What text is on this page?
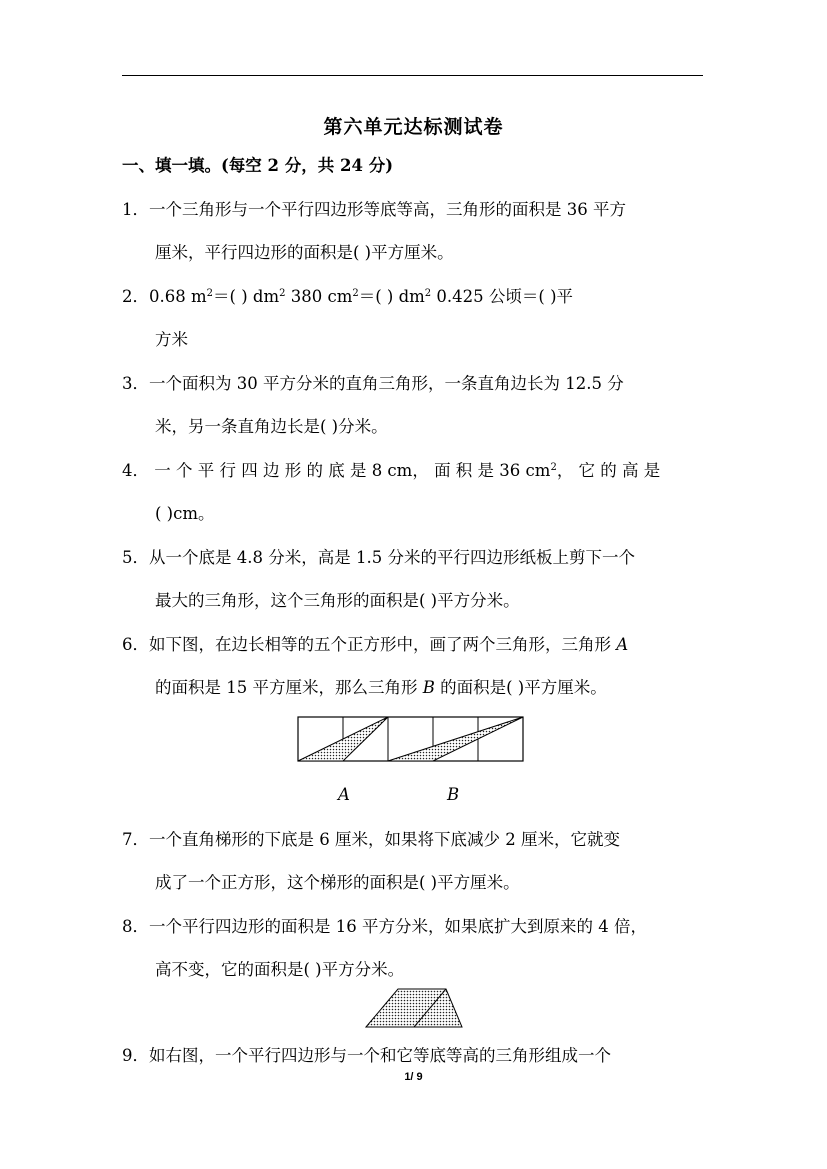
第六单元达标测试卷
一、填一填。(每空 2 分，共 24 分)
1．一个三角形与一个平行四边形等底等高，三角形的面积是 36 平方
厘米，平行四边形的面积是( )平方厘米。
2．0.68 $m^2=$( ) $dm^2$ 380 $cm^2=$( ) $dm^2$ 0.425 公顷＝( )平
方米
3．一个面积为 30 平方分米的直角三角形，一条直角边长为 12.5 分
米，另一条直角边长是( )分米。
4． 一 个 平 行 四 边 形 的 底 是 8 cm， 面 积 是 36 $cm^2$， 它 的 高 是
( )cm。
5．从一个底是 4.8 分米，高是 1.5 分米的平行四边形纸板上剪下一个
最大的三角形，这个三角形的面积是( )平方分米。
6．如下图，在边长相等的五个正方形中，画了两个三角形，三角形 A
的面积是 15 平方厘米，那么三角形 B 的面积是( )平方厘米。
A	B
7．一个直角梯形的下底是 6 厘米，如果将下底减少 2 厘米，它就变
成了一个正方形，这个梯形的面积是( )平方厘米。
8．一个平行四边形的面积是 16 平方分米，如果底扩大到原来的 4 倍，
高不变，它的面积是( )平方分米。
9．如右图，一个平行四边形与一个和它等底等高的三角形组成一个
1/ 9
